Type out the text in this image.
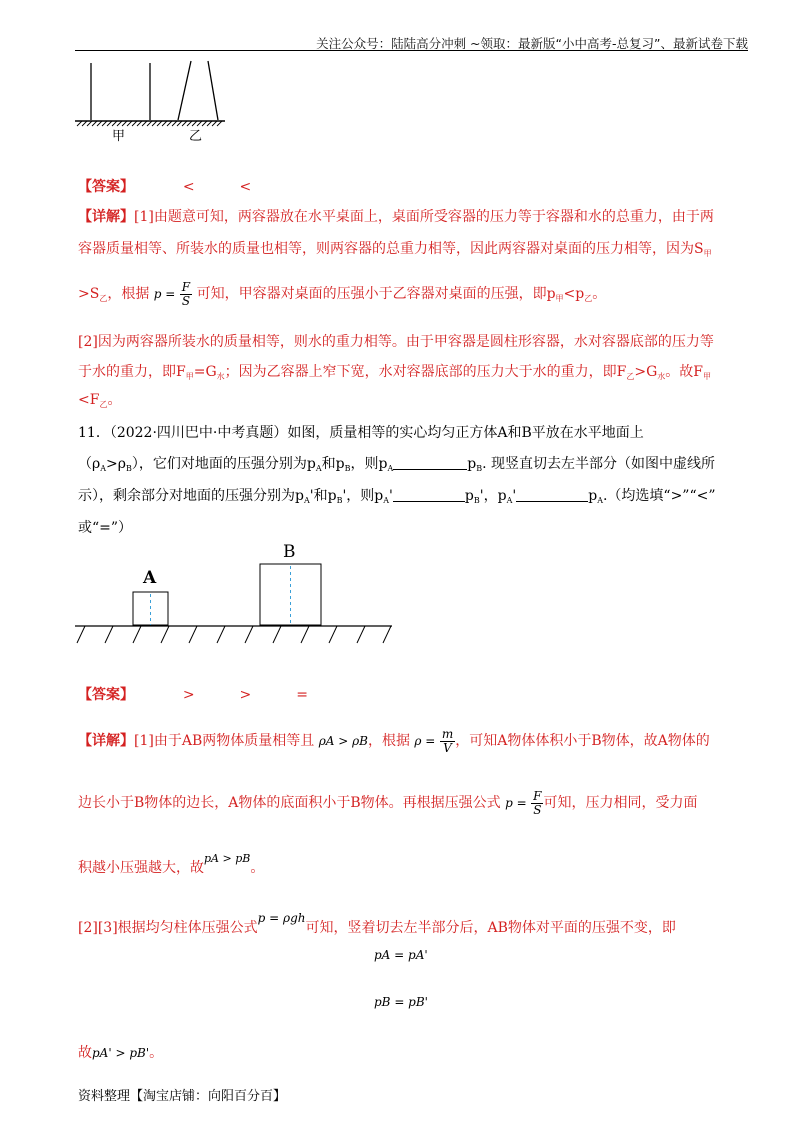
关注公众号：陆陆高分冲刺 ~领取：最新版“小中高考-总复习”、最新试卷下载
甲	乙
【答案】	<	<
【详解】[1]由题意可知，两容器放在水平桌面上，桌面所受容器的压力等于容器和水的总重力，由于两
容器质量相等、所装水的质量也相等，则两容器的总重力相等，因此两容器对桌面的压力相等，因为$S_甲$
$>S_乙$，根据 $p = \frac{F}{S}$ 可知，甲容器对桌面的压强小于乙容器对桌面的压强，即$p_甲<p_乙$。
[2]因为两容器所装水的质量相等，则水的重力相等。由于甲容器是圆柱形容器，水对容器底部的压力等
于水的重力，即$F_甲=G_水$；因为乙容器上窄下宽，水对容器底部的压力大于水的重力，即$F_乙>G_水$。故$F_甲$
$<F_乙$。
11．（2022·四川巴中·中考真题）如图，质量相等的实心均匀正方体A和B平放在水平地面上
$(\rho_A>\rho_B)$，它们对地面的压强分别为$p_A$和$p_B$，则$p_A$	$p_B$. 现竖直切去左半部分（如图中虚线所
示），剩余部分对地面的压强分别为$p_A'$和$p_B'$，则$p_A'$	$p_B'$，$p_A'$	$p_A$.（均选填“>”“<”
或“=”）
A
B
【答案】	>	>	=
【详解】[1]由于AB两物体质量相等且 ρA > ρB，根据 $\rho = \frac{m}{V}$ ，可知A物体体积小于B物体，故A物体的
边长小于B物体的边长，A物体的底面积小于B物体。再根据压强公式 $p = \frac{F}{S}$ 可知，压力相同，受力面
积越小压强越大，故$^{pA > pB}$。
[2][3]根据均匀柱体压强公式p = ρgh可知，竖着切去左半部分后，AB物体对平面的压强不变，即
pA = pA'
pB = pB'
故pA' > pB'。
资料整理【淘宝店铺：向阳百分百】
